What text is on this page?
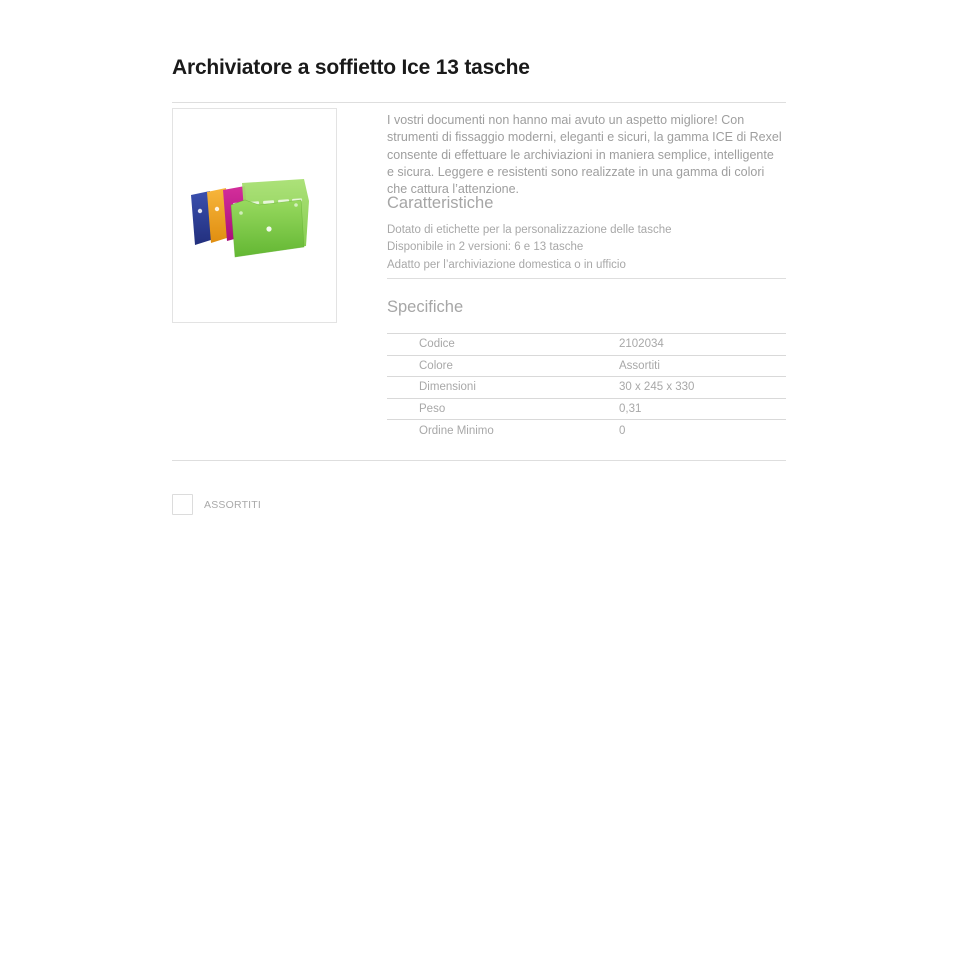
Archiviatore a soffietto Ice 13 tasche

I vostri documenti non hanno mai avuto un aspetto migliore! Con strumenti di fissaggio moderni, eleganti e sicuri, la gamma ICE di Rexel consente di effettuare le archiviazioni in maniera semplice, intelligente e sicura. Leggere e resistenti sono realizzate in una gamma di colori che cattura l’attenzione.

Caratteristiche
Dotato di etichette per la personalizzazione delle tasche
Disponibile in 2 versioni: 6 e 13 tasche
Adatto per l’archiviazione domestica o in ufficio
Specifiche
Codice	2102034
Colore	Assortiti
Dimensioni	30 x 245 x 330
Peso	0,31
Ordine Minimo	0
ASSORTITI
